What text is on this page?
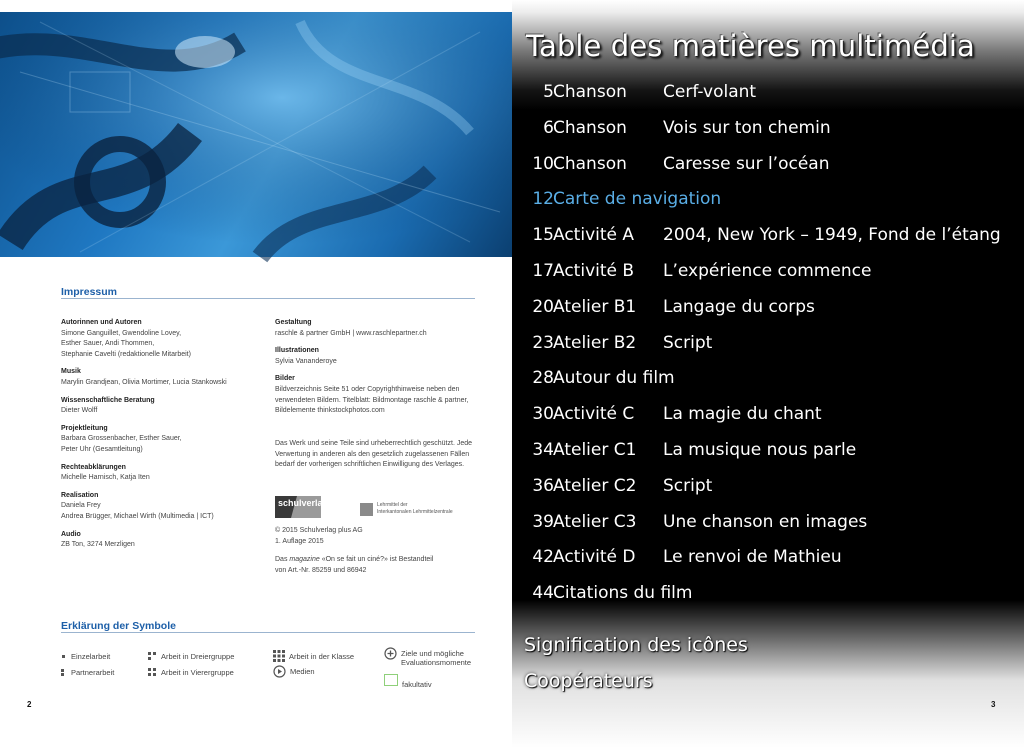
Impressum
Autorinnen und Autoren
Simone Ganguillet, Gwendoline Lovey,
Esther Sauer, Andi Thommen,
Stephanie Cavelti (redaktionelle Mitarbeit)
Musik
Marylin Grandjean, Olivia Mortimer, Lucia Stankowski
Wissenschaftliche Beratung
Dieter Wolff
Projektleitung
Barbara Grossenbacher, Esther Sauer,
Peter Uhr (Gesamtleitung)
Rechteabklärungen
Michelle Harnisch, Katja Iten
Realisation
Daniela Frey
Andrea Brügger, Michael Wirth (Multimedia | ICT)
Audio
ZB Ton, 3274 Merzligen
Gestaltung
raschle & partner GmbH | www.raschlepartner.ch
Illustrationen
Sylvia Vananderoye
Bilder
Bildverzeichnis Seite 51 oder Copyrighthinweise neben den
verwendeten Bildern. Titelblatt: Bildmontage raschle & partner,
Bildelemente thinkstockphotos.com
Das Werk und seine Teile sind urheberrechtlich geschützt. Jede
Verwertung in anderen als den gesetzlich zugelassenen Fällen
bedarf der vorherigen schriftlichen Einwilligung des Verlages.
schulverlag	Lehrmittel der
Interkantonalen Lehrmittelzentrale
© 2015 Schulverlag plus AG
1. Auflage 2015
Das magazine «On se fait un ciné?» ist Bestandteil
von Art.-Nr. 85259 und 86942
Erklärung der Symbole
Einzelarbeit
Partnerarbeit
Arbeit in Dreiergruppe
Arbeit in Vierergruppe
Arbeit in der Klasse
Medien
Ziele und mögliche
Evaluationsmomente
fakultativ
2
Table des matières multimédia
5 Chanson Cerf-volant
6 Chanson Vois sur ton chemin
10 Chanson Caresse sur l’océan
12 Carte de navigation
15 Activité A 2004, New York – 1949, Fond de l’étang
17 Activité B L’expérience commence
20 Atelier B1 Langage du corps
23 Atelier B2 Script
28 Autour du film
30 Activité C La magie du chant
34 Atelier C1 La musique nous parle
36 Atelier C2 Script
39 Atelier C3 Une chanson en images
42 Activité D Le renvoi de Mathieu
44 Citations du film
Signification des icônes
Coopérateurs
3
